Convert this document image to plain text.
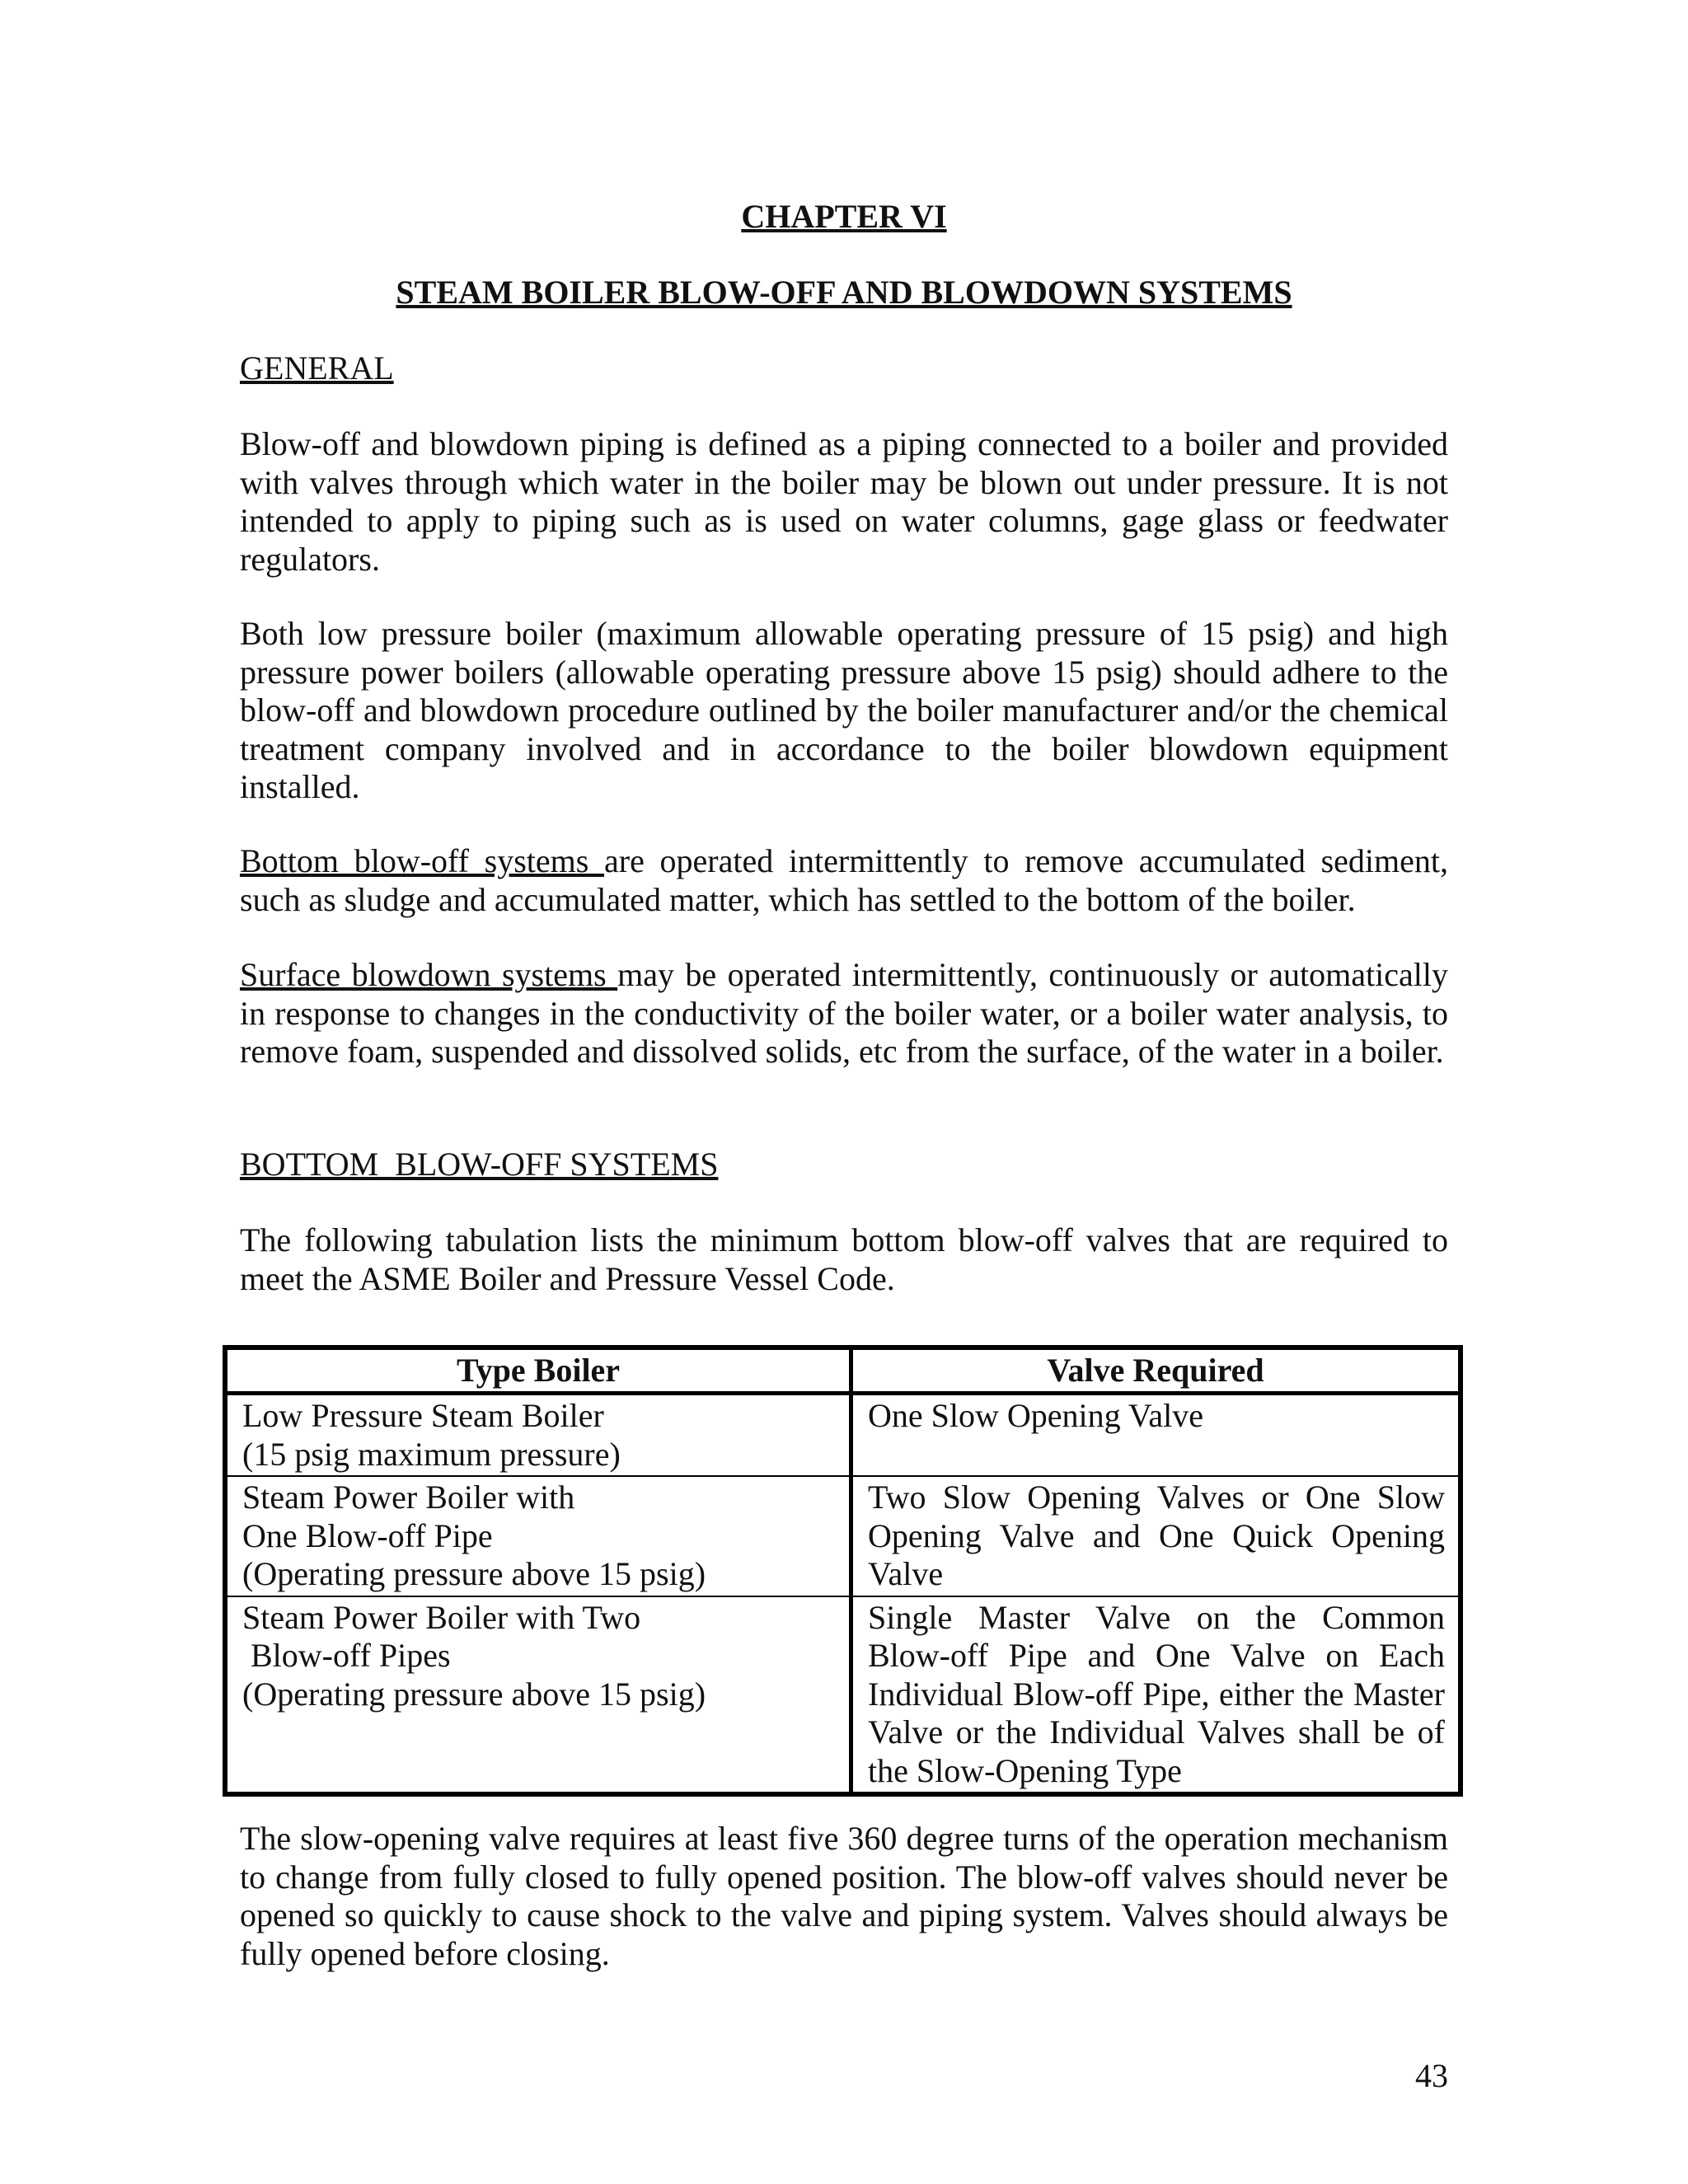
CHAPTER VI
STEAM BOILER BLOW-OFF AND BLOWDOWN SYSTEMS
GENERAL
Blow-off and blowdown piping is defined as a piping connected to a boiler and provided with valves through which water in the boiler may be blown out under pressure. It is not intended to apply to piping such as is used on water columns, gage glass or feedwater regulators.
Both low pressure boiler (maximum allowable operating pressure of 15 psig) and high pressure power boilers (allowable operating pressure above 15 psig) should adhere to the blow-off and blowdown procedure outlined by the boiler manufacturer and/or the chemical treatment company involved and in accordance to the boiler blowdown equipment installed.
Bottom blow-off systems are operated intermittently to remove accumulated sediment, such as sludge and accumulated matter, which has settled to the bottom of the boiler.
Surface blowdown systems may be operated intermittently, continuously or automatically in response to changes in the conductivity of the boiler water, or a boiler water analysis, to remove foam, suspended and dissolved solids, etc from the surface, of the water in a boiler.
BOTTOM_BLOW-OFF SYSTEMS
The following tabulation lists the minimum bottom blow-off valves that are required to meet the ASME Boiler and Pressure Vessel Code.
Type Boiler	Valve Required

Low Pressure Steam Boiler
(15 psig maximum pressure)	One Slow Opening Valve

Steam Power Boiler with
One Blow-off Pipe
(Operating pressure above 15 psig)	Two Slow Opening Valves or One Slow Opening Valve and One Quick Opening Valve

Steam Power Boiler with Two
Blow-off Pipes
(Operating pressure above 15 psig)	Single Master Valve on the Common Blow-off Pipe and One Valve on Each Individual Blow-off Pipe, either the Master Valve or the Individual Valves shall be of the Slow-Opening Type
The slow-opening valve requires at least five 360 degree turns of the operation mechanism to change from fully closed to fully opened position. The blow-off valves should never be opened so quickly to cause shock to the valve and piping system. Valves should always be fully opened before closing.
43
